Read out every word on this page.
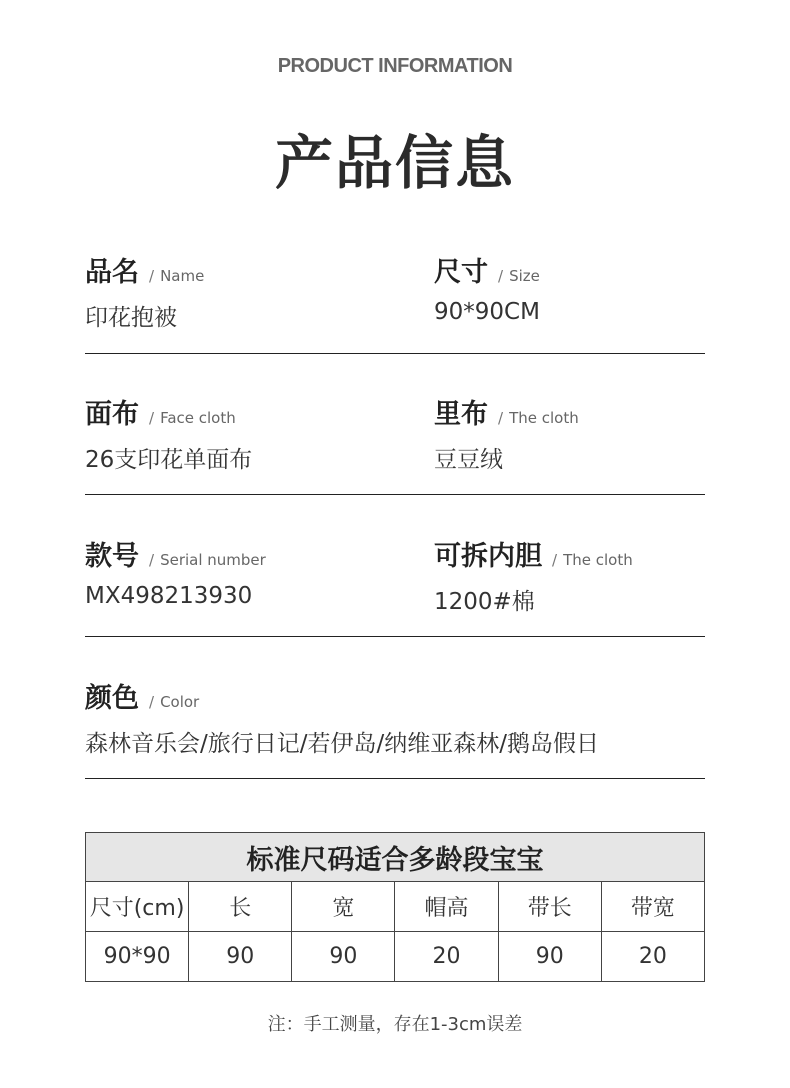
PRODUCT INFORMATION
产品信息
品名 / Name
印花抱被
尺寸 / Size
90*90CM
面布 / Face cloth
26支印花单面布
里布 / The cloth
豆豆绒
款号 / Serial number
MX498213930
可拆内胆 / The cloth
1200#棉
颜色 / Color
森林音乐会/旅行日记/若伊岛/纳维亚森林/鹅岛假日
标准尺码适合多龄段宝宝					
尺寸(cm)	长	宽	帽高	带长	带宽
90*90	90	90	20	90	20
注：手工测量，存在1-3cm误差
